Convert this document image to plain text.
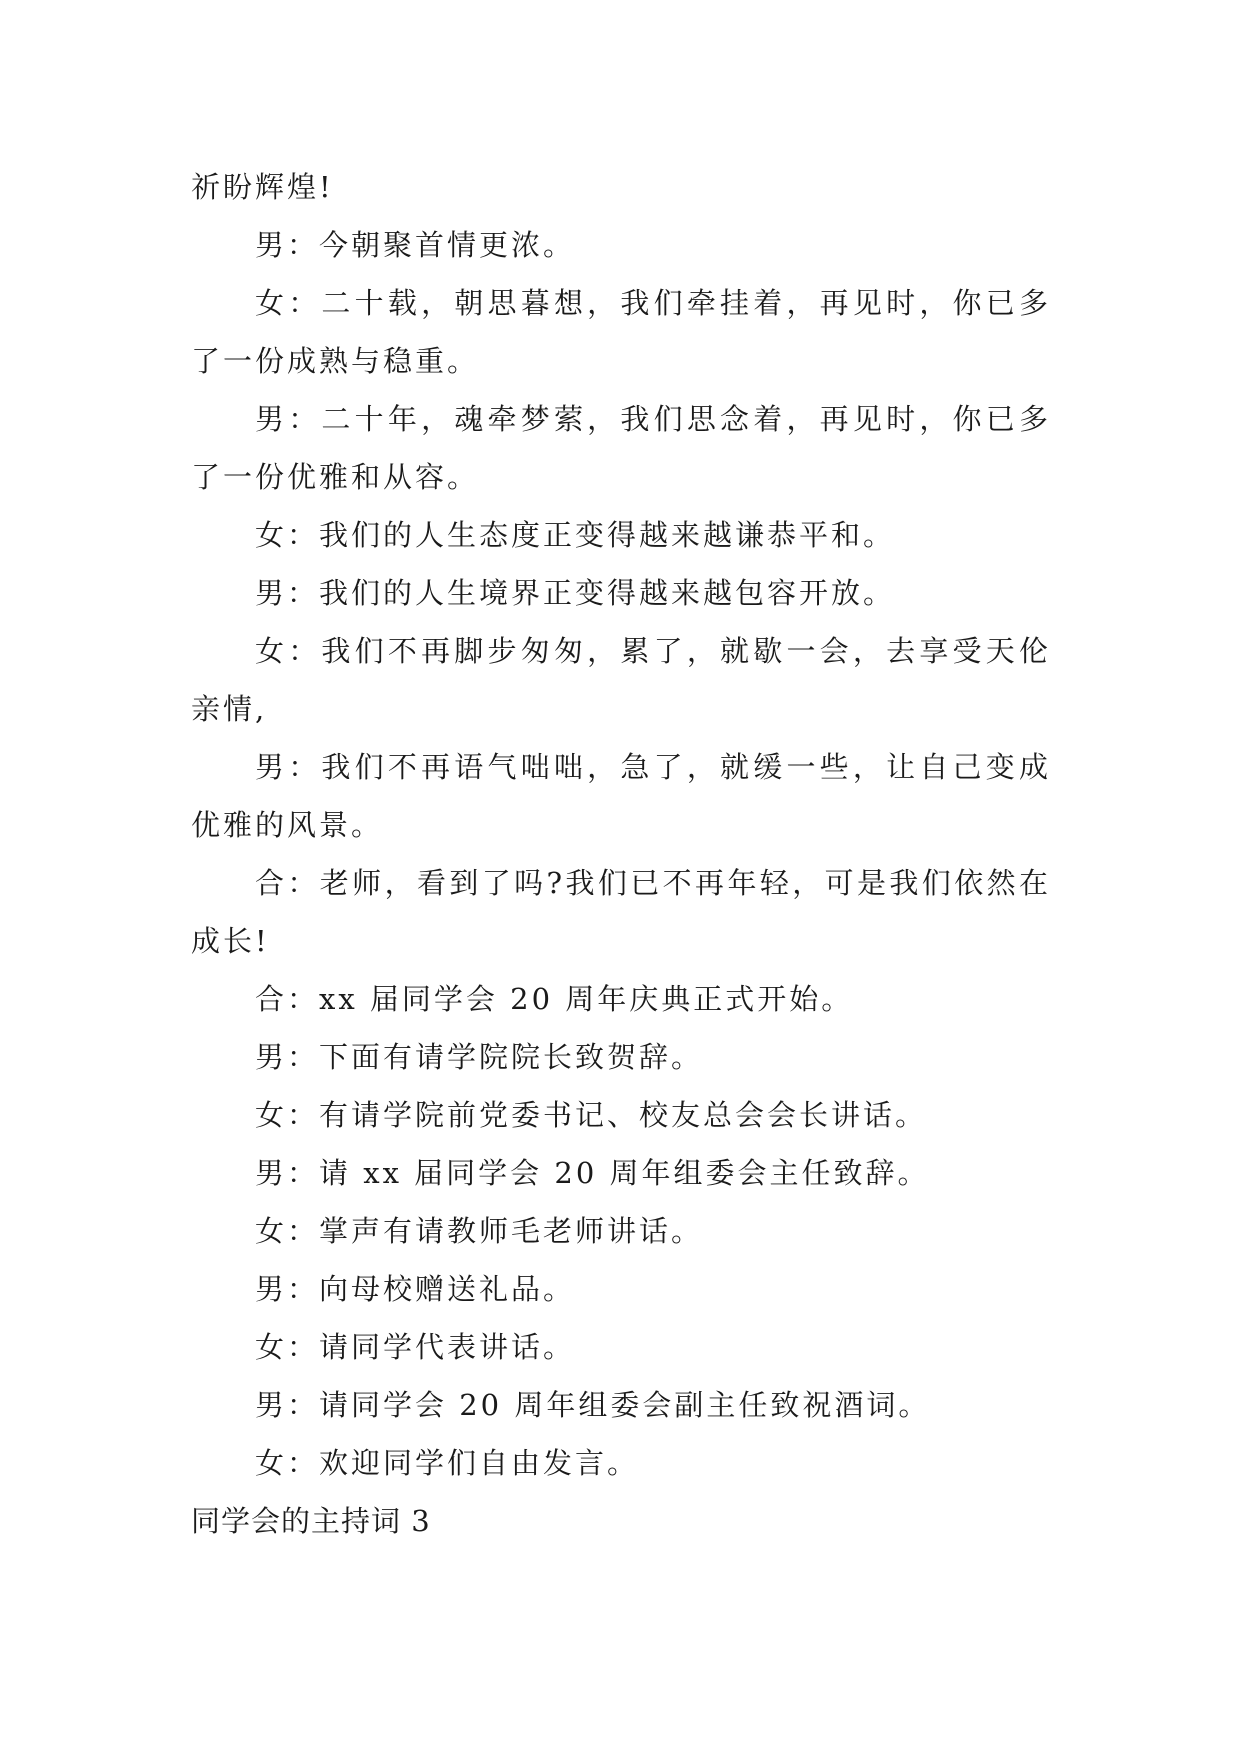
祈盼辉煌!

男：今朝聚首情更浓。

女：二十载，朝思暮想，我们牵挂着，再见时，你已多了一份成熟与稳重。

男：二十年，魂牵梦萦，我们思念着，再见时，你已多了一份优雅和从容。

女：我们的人生态度正变得越来越谦恭平和。

男：我们的人生境界正变得越来越包容开放。

女：我们不再脚步匆匆，累了，就歇一会，去享受天伦亲情,

男：我们不再语气咄咄，急了，就缓一些，让自己变成优雅的风景。

合：老师，看到了吗?我们已不再年轻，可是我们依然在成长!

合：xx 届同学会 20 周年庆典正式开始。

男：下面有请学院院长致贺辞。

女：有请学院前党委书记、校友总会会长讲话。

男：请 xx 届同学会 20 周年组委会主任致辞。

女：掌声有请教师毛老师讲话。

男：向母校赠送礼品。

女：请同学代表讲话。

男：请同学会 20 周年组委会副主任致祝酒词。

女：欢迎同学们自由发言。

同学会的主持词 3
